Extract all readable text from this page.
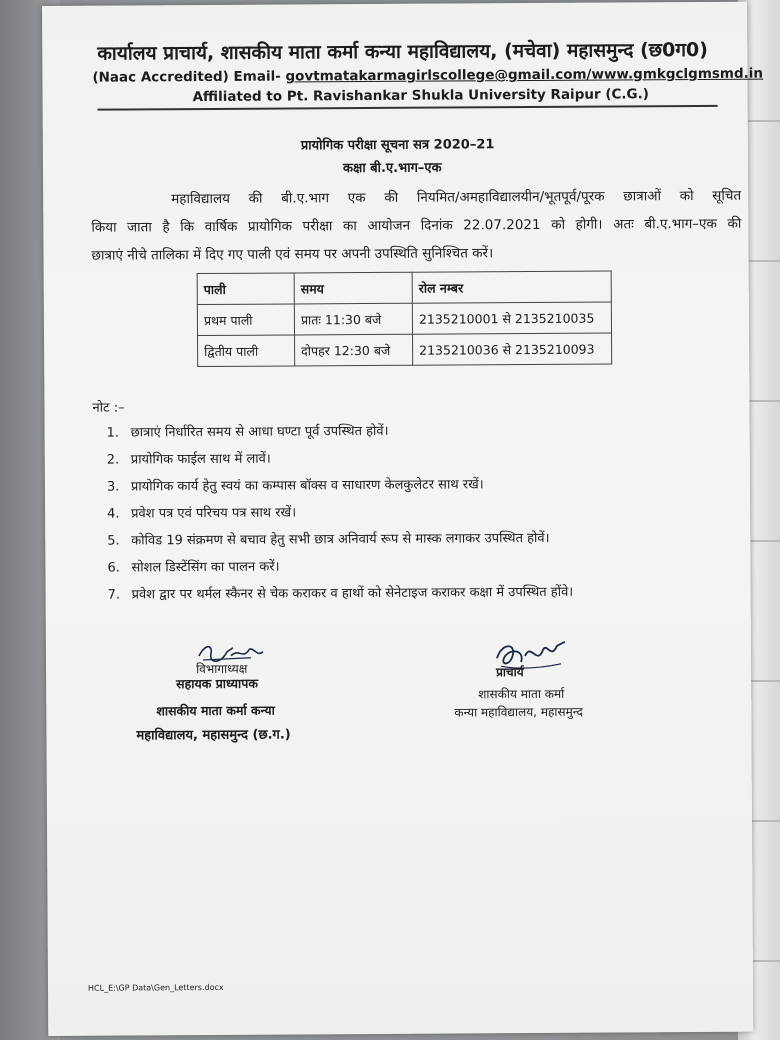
कार्यालय प्राचार्य, शासकीय माता कर्मा कन्या महाविद्यालय, (मचेवा) महासमुन्द (छ0ग0)
(Naac Accredited) Email- govtmatakarmagirlscollege@gmail.com/www.gmkgclgmsmd.in
Affiliated to Pt. Ravishankar Shukla University Raipur (C.G.)
प्रायोगिक परीक्षा सूचना सत्र 2020–21
कक्षा बी.ए.भाग–एक
महाविद्यालय की बी.ए.भाग एक की नियमित/अमहाविद्यालयीन/भूतपूर्व/पूरक छात्राओं को सूचित
किया जाता है कि वार्षिक प्रायोगिक परीक्षा का आयोजन दिनांक 22.07.2021 को होगी। अतः बी.ए.भाग–एक की
छात्राएं नीचे तालिका में दिए गए पाली एवं समय पर अपनी उपस्थिति सुनिश्चित करें।
पाली	समय	रोल नम्बर
प्रथम पाली	प्रातः 11:30 बजे	2135210001 से 2135210035
द्वितीय पाली	दोपहर 12:30 बजे	2135210036 से 2135210093
नोट :–
1. छात्राएं निर्धारित समय से आधा घण्टा पूर्व उपस्थित होवें।
2. प्रायोगिक फाईल साथ में लावें।
3. प्रायोगिक कार्य हेतु स्वयं का कम्पास बॉक्स व साधारण केलकुलेटर साथ रखें।
4. प्रवेश पत्र एवं परिचय पत्र साथ रखें।
5. कोविड 19 संक्रमण से बचाव हेतु सभी छात्र अनिवार्य रूप से मास्क लगाकर उपस्थित होवें।
6. सोशल डिस्टेंसिंग का पालन करें।
7. प्रवेश द्वार पर थर्मल स्कैनर से चेक कराकर व हाथों को सेनेटाइज कराकर कक्षा में उपस्थित होंवे।
विभागाध्यक्ष
सहायक प्राध्यापक
शासकीय माता कर्मा कन्या
महाविद्यालय, महासमुन्द (छ.ग.)
प्राचार्य
शासकीय माता कर्मा
कन्या महाविद्यालय, महासमुन्द
HCL_E:\GP Data\Gen_Letters.docx
